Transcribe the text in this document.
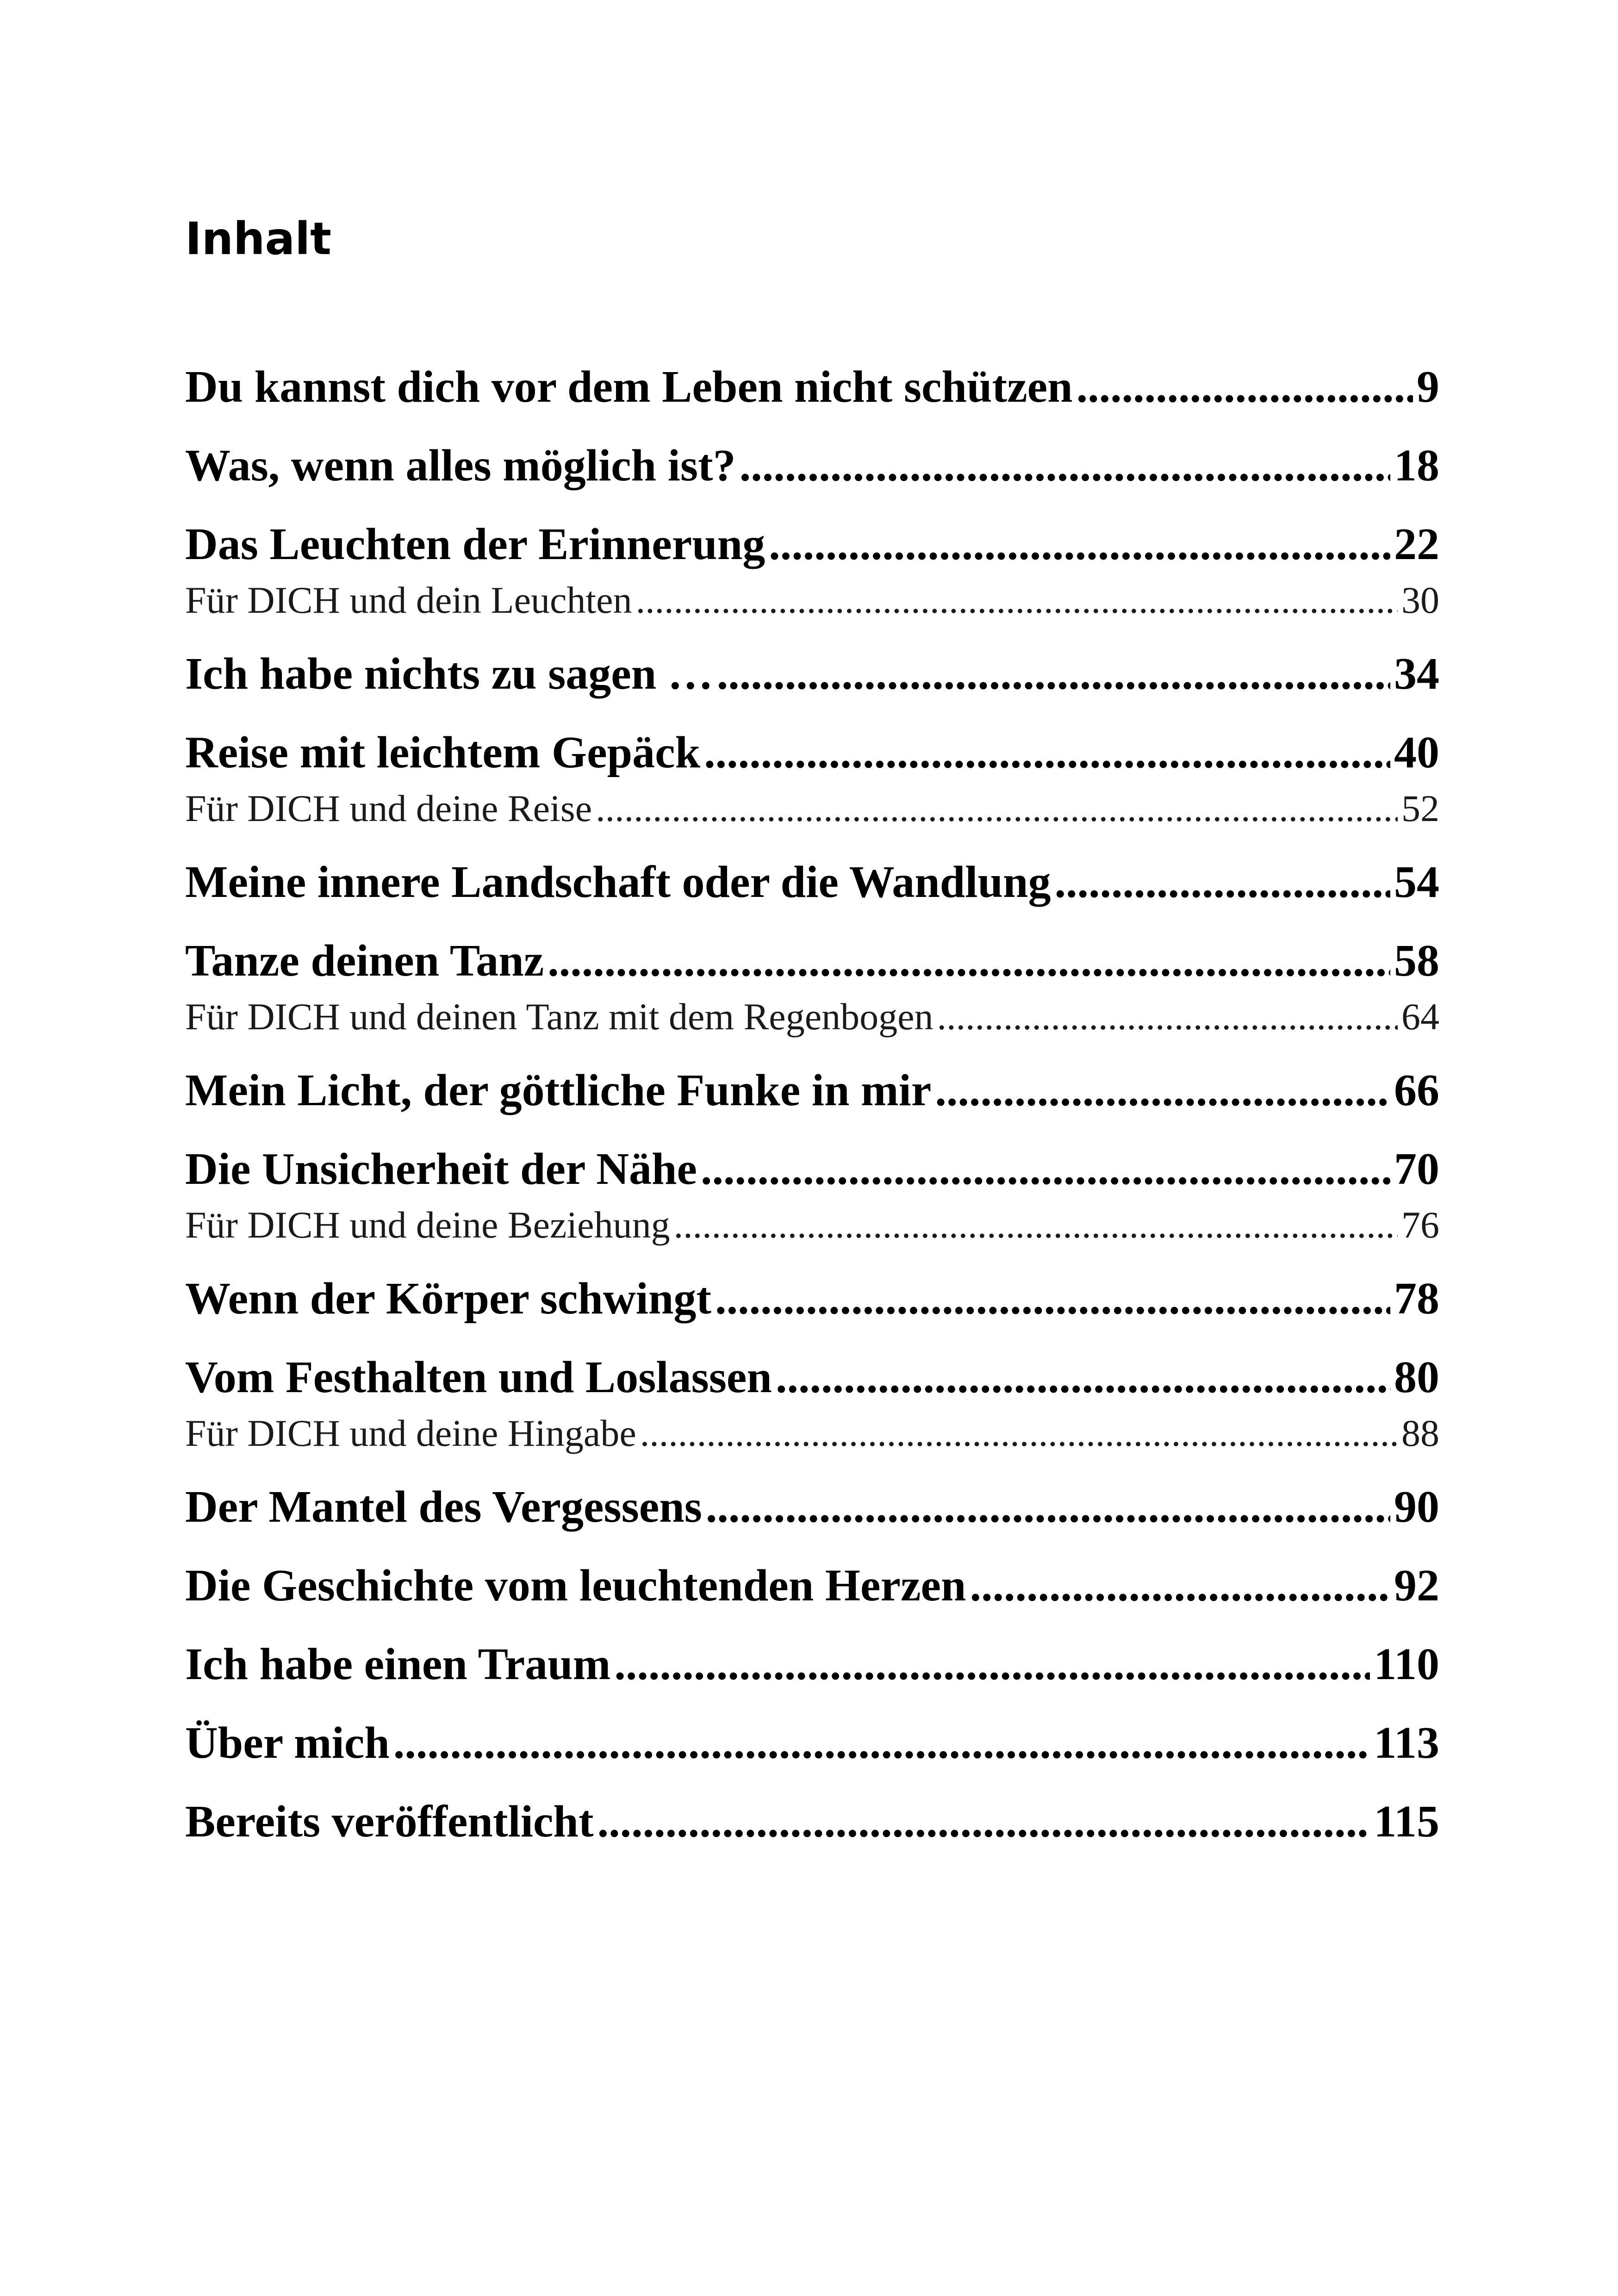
Inhalt
Du kannst dich vor dem Leben nicht schützen .....	9
Was, wenn alles möglich ist? .....	18
Das Leuchten der Erinnerung .....	22
Für DICH und dein Leuchten .....	30
Ich habe nichts zu sagen … .....	34
Reise mit leichtem Gepäck .....	40
Für DICH und deine Reise .....	52
Meine innere Landschaft oder die Wandlung .....	54
Tanze deinen Tanz .....	58
Für DICH und deinen Tanz mit dem Regenbogen .....	64
Mein Licht, der göttliche Funke in mir .....	66
Die Unsicherheit der Nähe .....	70
Für DICH und deine Beziehung .....	76
Wenn der Körper schwingt .....	78
Vom Festhalten und Loslassen .....	80
Für DICH und deine Hingabe .....	88
Der Mantel des Vergessens .....	90
Die Geschichte vom leuchtenden Herzen .....	92
Ich habe einen Traum .....	110
Über mich .....	113
Bereits veröffentlicht .....	115
